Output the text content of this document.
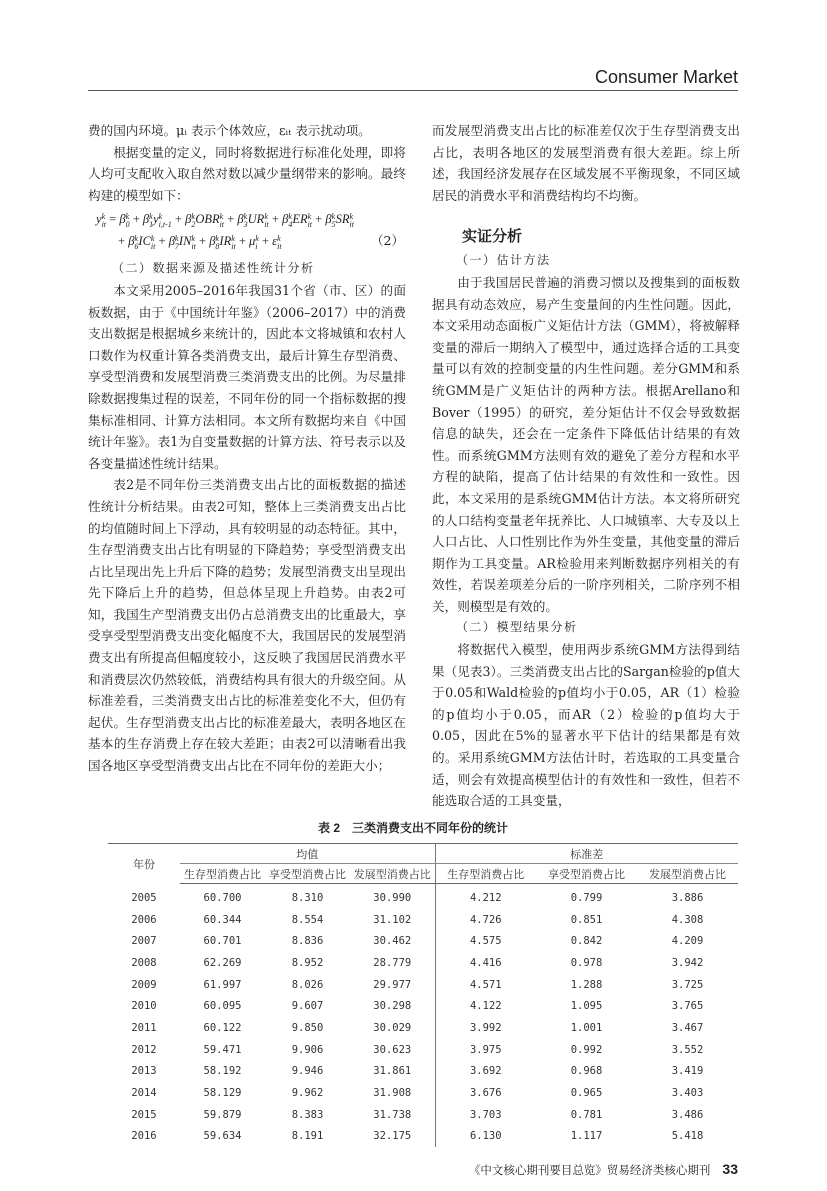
Consumer Market

费的国内环境。μᵢ 表示个体效应，εᵢₜ 表示扰动项。

根据变量的定义，同时将数据进行标准化处理，即将人均可支配收入取自然对数以减少量纲带来的影响。最终构建的模型如下：

y k
it = β k
0 + β k
1 y k
i,t-1 + β k
2 OBR k
it + β k
3 UR k
it + β k
4 ER k
it + β k
5 SR k
it
+ β k
6 IC k
it + β k
7 IN k
it + β k
8 IR k
it + μ k
i + ε k
it	（2）

（二）数据来源及描述性统计分析

本文采用2005–2016年我国31个省（市、区）的面板数据，由于《中国统计年鉴》（2006–2017）中的消费支出数据是根据城乡来统计的，因此本文将城镇和农村人口数作为权重计算各类消费支出，最后计算生存型消费、享受型消费和发展型消费三类消费支出的比例。为尽量排除数据搜集过程的误差，不同年份的同一个指标数据的搜集标准相同、计算方法相同。本文所有数据均来自《中国统计年鉴》。表1为自变量数据的计算方法、符号表示以及各变量描述性统计结果。

表2是不同年份三类消费支出占比的面板数据的描述性统计分析结果。由表2可知，整体上三类消费支出占比的均值随时间上下浮动，具有较明显的动态特征。其中，生存型消费支出占比有明显的下降趋势；享受型消费支出占比呈现出先上升后下降的趋势；发展型消费支出呈现出先下降后上升的趋势，但总体呈现上升趋势。由表2可知，我国生产型消费支出仍占总消费支出的比重最大，享受享受型型消费支出变化幅度不大，我国居民的发展型消费支出有所提高但幅度较小，这反映了我国居民消费水平和消费层次仍然较低，消费结构具有很大的升级空间。从标准差看，三类消费支出占比的标准差变化不大，但仍有起伏。生存型消费支出占比的标准差最大，表明各地区在基本的生存消费上存在较大差距；由表2可以清晰看出我国各地区享受型消费支出占比在不同年份的差距大小；

而发展型消费支出占比的标准差仅次于生存型消费支出占比，表明各地区的发展型消费有很大差距。综上所述，我国经济发展存在区域发展不平衡现象，不同区域居民的消费水平和消费结构均不均衡。

实证分析

（一）估计方法

由于我国居民普遍的消费习惯以及搜集到的面板数据具有动态效应，易产生变量间的内生性问题。因此，本文采用动态面板广义矩估计方法（GMM），将被解释变量的滞后一期纳入了模型中，通过选择合适的工具变量可以有效的控制变量的内生性问题。差分GMM和系统GMM是广义矩估计的两种方法。根据Arellano和Bover（1995）的研究，差分矩估计不仅会导致数据信息的缺失，还会在一定条件下降低估计结果的有效性。而系统GMM方法则有效的避免了差分方程和水平方程的缺陷，提高了估计结果的有效性和一致性。因此，本文采用的是系统GMM估计方法。本文将所研究的人口结构变量老年抚养比、人口城镇率、大专及以上人口占比、人口性别比作为外生变量，其他变量的滞后期作为工具变量。AR检验用来判断数据序列相关的有效性，若误差项差分后的一阶序列相关，二阶序列不相关，则模型是有效的。

（二）模型结果分析

将数据代入模型，使用两步系统GMM方法得到结果（见表3）。三类消费支出占比的Sargan检验的p值大于0.05和Wald检验的p值均小于0.05，AR（1）检验的p值均小于0.05，而AR（2）检验的p值均大于0.05，因此在5%的显著水平下估计的结果都是有效的。采用系统GMM方法估计时，若选取的工具变量合适，则会有效提高模型估计的有效性和一致性，但若不能选取合适的工具变量，

表 2　三类消费支出不同年份的统计
年份	均值			标准差		
	生存型消费占比	享受型消费占比	发展型消费占比	生存型消费占比	享受型消费占比	发展型消费占比
2005	60.700	8.310	30.990	4.212	0.799	3.886
2006	60.344	8.554	31.102	4.726	0.851	4.308
2007	60.701	8.836	30.462	4.575	0.842	4.209
2008	62.269	8.952	28.779	4.416	0.978	3.942
2009	61.997	8.026	29.977	4.571	1.288	3.725
2010	60.095	9.607	30.298	4.122	1.095	3.765
2011	60.122	9.850	30.029	3.992	1.001	3.467
2012	59.471	9.906	30.623	3.975	0.992	3.552
2013	58.192	9.946	31.861	3.692	0.968	3.419
2014	58.129	9.962	31.908	3.676	0.965	3.403
2015	59.879	8.383	31.738	3.703	0.781	3.486
2016	59.634	8.191	32.175	6.130	1.117	5.418
《中文核心期刊要目总览》贸易经济类核心期刊 33
